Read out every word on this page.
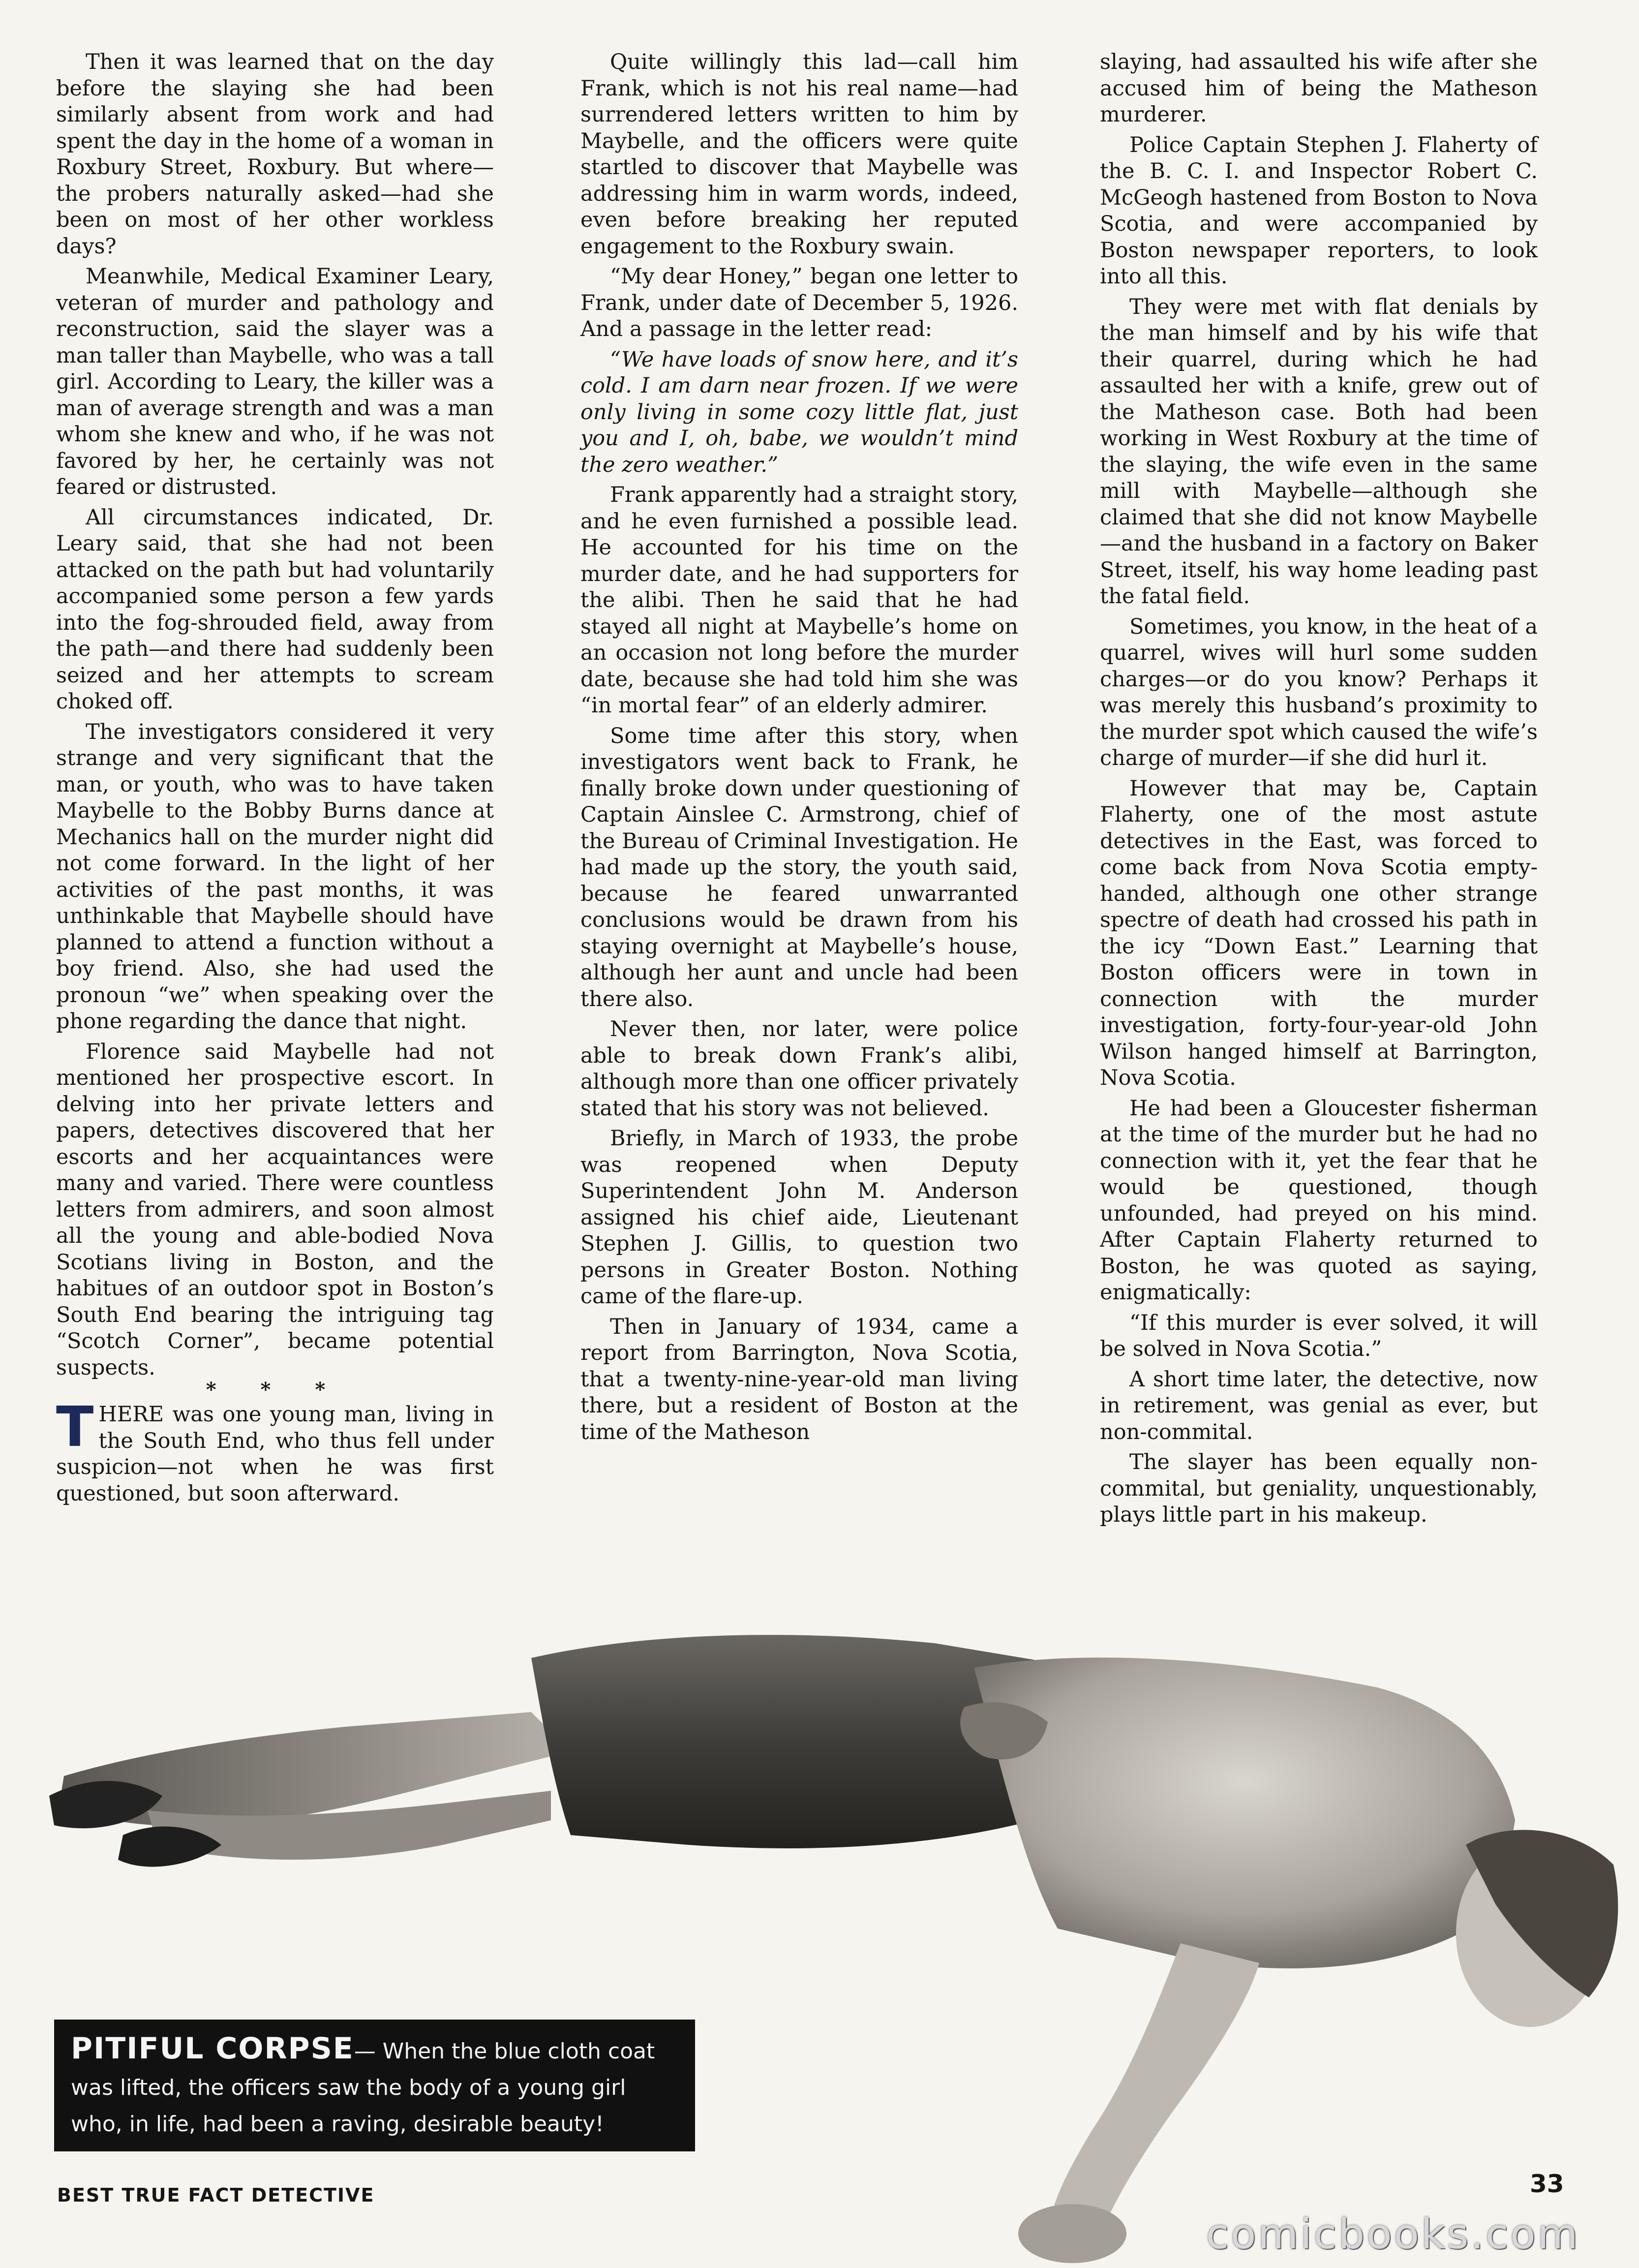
Then it was learned that on the day before the slaying she had been similarly absent from work and had spent the day in the home of a woman in Roxbury Street, Roxbury. But where—the probers naturally asked—had she been on most of her other workless days?

Meanwhile, Medical Examiner Leary, veteran of murder and pathology and reconstruction, said the slayer was a man taller than Maybelle, who was a tall girl. According to Leary, the killer was a man of average strength and was a man whom she knew and who, if he was not favored by her, he certainly was not feared or distrusted.

All circumstances indicated, Dr. Leary said, that she had not been attacked on the path but had voluntarily accompanied some person a few yards into the fog-shrouded field, away from the path—and there had suddenly been seized and her attempts to scream choked off.

The investigators considered it very strange and very significant that the man, or youth, who was to have taken Maybelle to the Bobby Burns dance at Mechanics hall on the murder night did not come forward. In the light of her activities of the past months, it was unthinkable that Maybelle should have planned to attend a function without a boy friend. Also, she had used the pronoun “we” when speaking over the phone regarding the dance that night.

Florence said Maybelle had not mentioned her prospective escort. In delving into her private letters and papers, detectives discovered that her escorts and her acquaintances were many and varied. There were countless letters from admirers, and soon almost all the young and able-bodied Nova Scotians living in Boston, and the habitues of an outdoor spot in Boston’s South End bearing the intriguing tag “Scotch Corner”, became potential suspects.

* * *

THERE was one young man, living in the South End, who thus fell under suspicion—not when he was first questioned, but soon afterward.

Quite willingly this lad—call him Frank, which is not his real name—had surrendered letters written to him by Maybelle, and the officers were quite startled to discover that Maybelle was addressing him in warm words, indeed, even before breaking her reputed engagement to the Roxbury swain.

“My dear Honey,” began one letter to Frank, under date of December 5, 1926. And a passage in the letter read:

“We have loads of snow here, and it’s cold. I am darn near frozen. If we were only living in some cozy little flat, just you and I, oh, babe, we wouldn’t mind the zero weather.”

Frank apparently had a straight story, and he even furnished a possible lead. He accounted for his time on the murder date, and he had supporters for the alibi. Then he said that he had stayed all night at Maybelle’s home on an occasion not long before the murder date, because she had told him she was “in mortal fear” of an elderly admirer.

Some time after this story, when investigators went back to Frank, he finally broke down under questioning of Captain Ainslee C. Armstrong, chief of the Bureau of Criminal Investigation. He had made up the story, the youth said, because he feared unwarranted conclusions would be drawn from his staying overnight at Maybelle’s house, although her aunt and uncle had been there also.

Never then, nor later, were police able to break down Frank’s alibi, although more than one officer privately stated that his story was not believed.

Briefly, in March of 1933, the probe was reopened when Deputy Superintendent John M. Anderson assigned his chief aide, Lieutenant Stephen J. Gillis, to question two persons in Greater Boston. Nothing came of the flare-up.

Then in January of 1934, came a report from Barrington, Nova Scotia, that a twenty-nine-year-old man living there, but a resident of Boston at the time of the Matheson

slaying, had assaulted his wife after she accused him of being the Matheson murderer.

Police Captain Stephen J. Flaherty of the B. C. I. and Inspector Robert C. McGeogh hastened from Boston to Nova Scotia, and were accompanied by Boston newspaper reporters, to look into all this.

They were met with flat denials by the man himself and by his wife that their quarrel, during which he had assaulted her with a knife, grew out of the Matheson case. Both had been working in West Roxbury at the time of the slaying, the wife even in the same mill with Maybelle—although she claimed that she did not know Maybelle—and the husband in a factory on Baker Street, itself, his way home leading past the fatal field.

Sometimes, you know, in the heat of a quarrel, wives will hurl some sudden charges—or do you know? Perhaps it was merely this husband’s proximity to the murder spot which caused the wife’s charge of murder—if she did hurl it.

However that may be, Captain Flaherty, one of the most astute detectives in the East, was forced to come back from Nova Scotia empty-handed, although one other strange spectre of death had crossed his path in the icy “Down East.” Learning that Boston officers were in town in connection with the murder investigation, forty-four-year-old John Wilson hanged himself at Barrington, Nova Scotia.

He had been a Gloucester fisherman at the time of the murder but he had no connection with it, yet the fear that he would be questioned, though unfounded, had preyed on his mind. After Captain Flaherty returned to Boston, he was quoted as saying, enigmatically:

“If this murder is ever solved, it will be solved in Nova Scotia.”

A short time later, the detective, now in retirement, was genial as ever, but non-commital.

The slayer has been equally non-commital, but geniality, unquestionably, plays little part in his makeup.

PITIFUL CORPSE— When the blue cloth coat was lifted, the officers saw the body of a young girl who, in life, had been a raving, desirable beauty!
BEST TRUE FACT DETECTIVE	33
comicbooks.com
